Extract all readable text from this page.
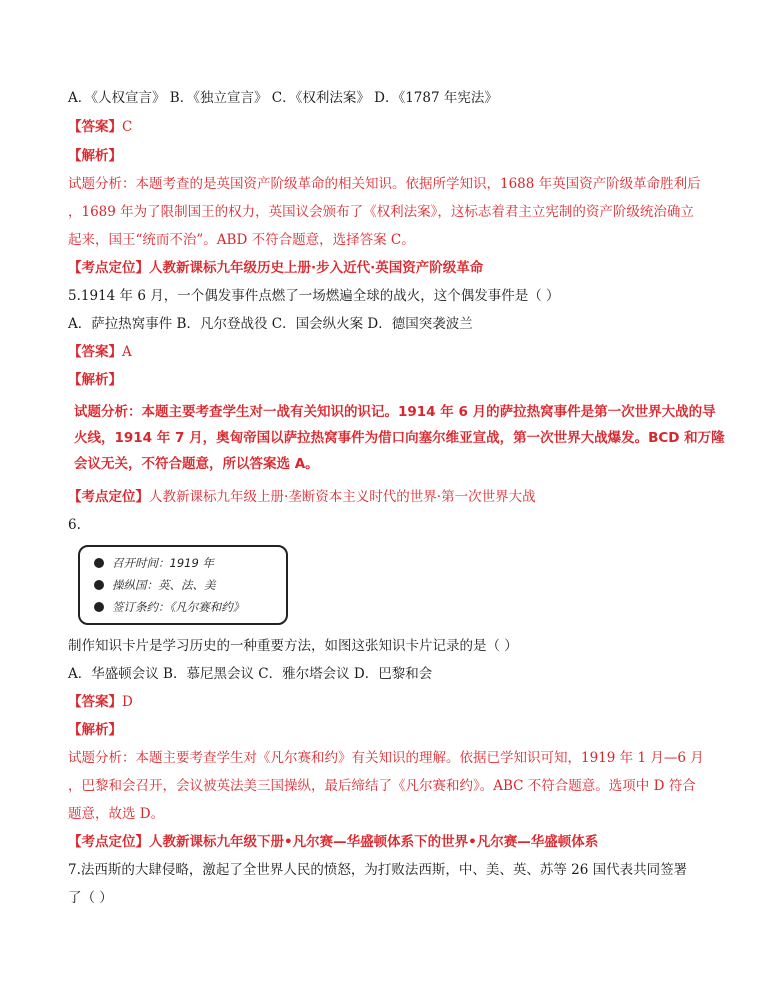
A．《人权宣言》 B．《独立宣言》 C．《权利法案》 D．《1787 年宪法》
【答案】C
【解析】
试题分析：本题考查的是英国资产阶级革命的相关知识。依据所学知识，1688 年英国资产阶级革命胜利后
，1689 年为了限制国王的权力，英国议会颁布了《权利法案》，这标志着君主立宪制的资产阶级统治确立
起来，国王“统而不治”。ABD 不符合题意，选择答案 C。
【考点定位】人教新课标九年级历史上册·步入近代·英国资产阶级革命
5.1914 年 6 月，一个偶发事件点燃了一场燃遍全球的战火，这个偶发事件是（ ）
A．萨拉热窝事件 B．凡尔登战役 C．国会纵火案 D．德国突袭波兰
【答案】A
【解析】
试题分析：本题主要考查学生对一战有关知识的识记。1914 年 6 月的萨拉热窝事件是第一次世界大战的导
火线，1914 年 7 月，奥匈帝国以萨拉热窝事件为借口向塞尔维亚宣战，第一次世界大战爆发。BCD 和万隆
会议无关，不符合题意，所以答案选 A。
【考点定位】人教新课标九年级上册·垄断资本主义时代的世界·第一次世界大战
6.
召开时间：1919 年
操纵国：英、法、美
签订条约：《凡尔赛和约》
制作知识卡片是学习历史的一种重要方法，如图这张知识卡片记录的是（ ）
A．华盛顿会议 B．慕尼黑会议 C．雅尔塔会议 D．巴黎和会
【答案】D
【解析】
试题分析：本题主要考查学生对《凡尔赛和约》有关知识的理解。依据已学知识可知，1919 年 1 月—6 月
，巴黎和会召开，会议被英法美三国操纵，最后缔结了《凡尔赛和约》。ABC 不符合题意。选项中 D 符合
题意，故选 D。
【考点定位】人教新课标九年级下册•凡尔赛—华盛顿体系下的世界•凡尔赛—华盛顿体系
7.法西斯的大肆侵略，激起了全世界人民的愤怒，为打败法西斯，中、美、英、苏等 26 国代表共同签署
了（ ）
